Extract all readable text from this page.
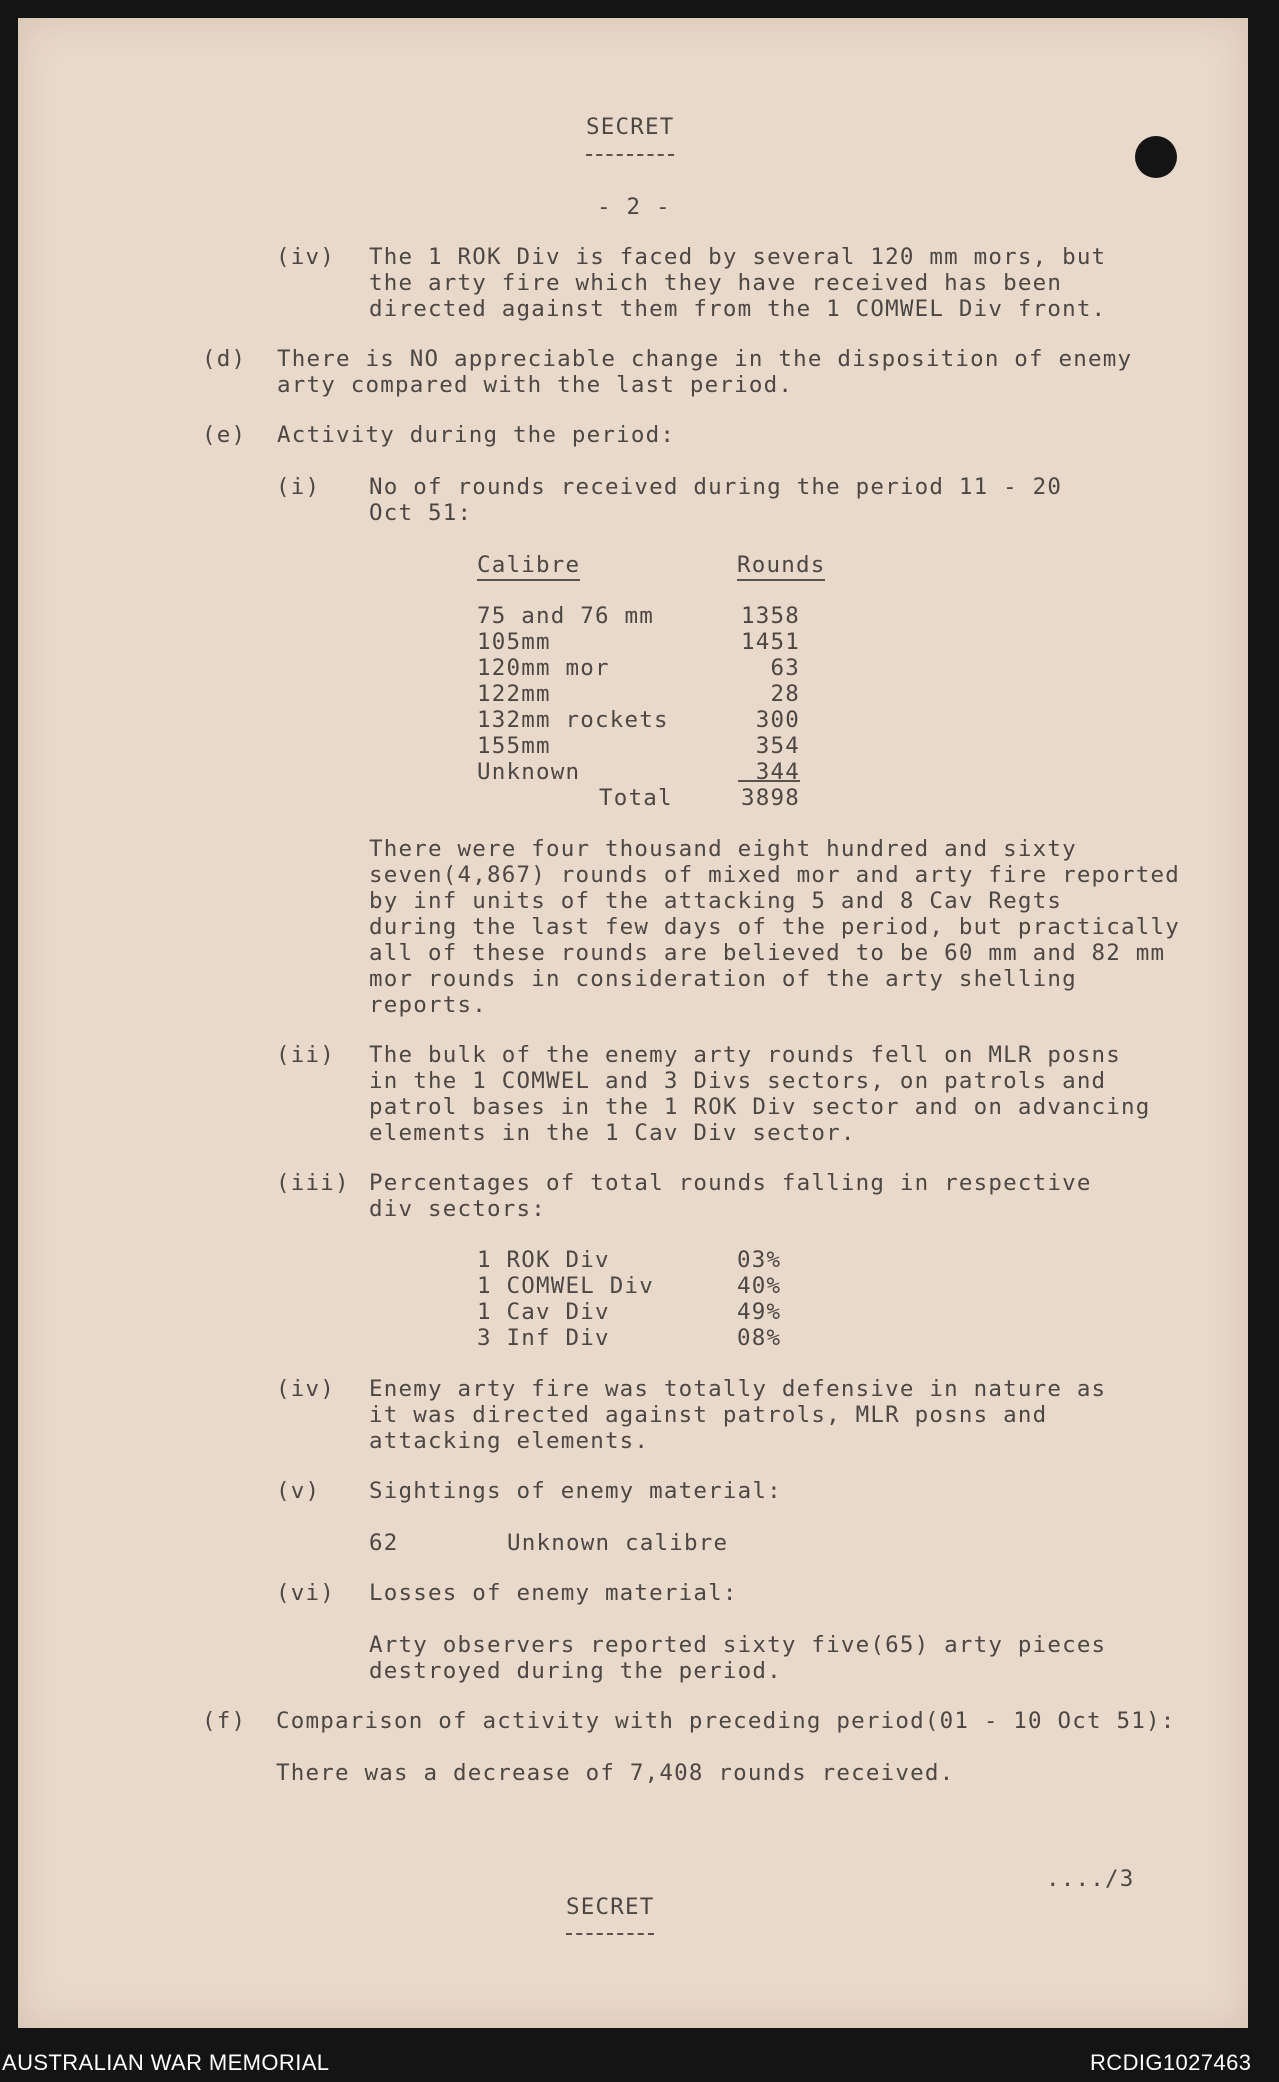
SECRET
- 2 -
(iv) The 1 ROK Div is faced by several 120 mm mors, but
the arty fire which they have received has been
directed against them from the 1 COMWEL Div front.
(d) There is NO appreciable change in the disposition of enemy
arty compared with the last period.
(e) Activity during the period:
(i) No of rounds received during the period 11 - 20
Oct 51:
Calibre	Rounds
75 and 76 mm	1358
105mm	1451
120mm mor	63
122mm	28
132mm rockets	300
155mm	354
Unknown	344
Total	3898
There were four thousand eight hundred and sixty
seven(4,867) rounds of mixed mor and arty fire reported
by inf units of the attacking 5 and 8 Cav Regts
during the last few days of the period, but practically
all of these rounds are believed to be 60 mm and 82 mm
mor rounds in consideration of the arty shelling
reports.
(ii) The bulk of the enemy arty rounds fell on MLR posns
in the 1 COMWEL and 3 Divs sectors, on patrols and
patrol bases in the 1 ROK Div sector and on advancing
elements in the 1 Cav Div sector.
(iii) Percentages of total rounds falling in respective
div sectors:
1 ROK Div	03%
1 COMWEL Div	40%
1 Cav Div	49%
3 Inf Div	08%
(iv) Enemy arty fire was totally defensive in nature as
it was directed against patrols, MLR posns and
attacking elements.
(v) Sightings of enemy material:
62	Unknown calibre
(vi) Losses of enemy material:
Arty observers reported sixty five(65) arty pieces
destroyed during the period.
(f) Comparison of activity with preceding period(01 - 10 Oct 51):
There was a decrease of 7,408 rounds received.
..../3
SECRET
AUSTRALIAN WAR MEMORIAL	RCDIG1027463
